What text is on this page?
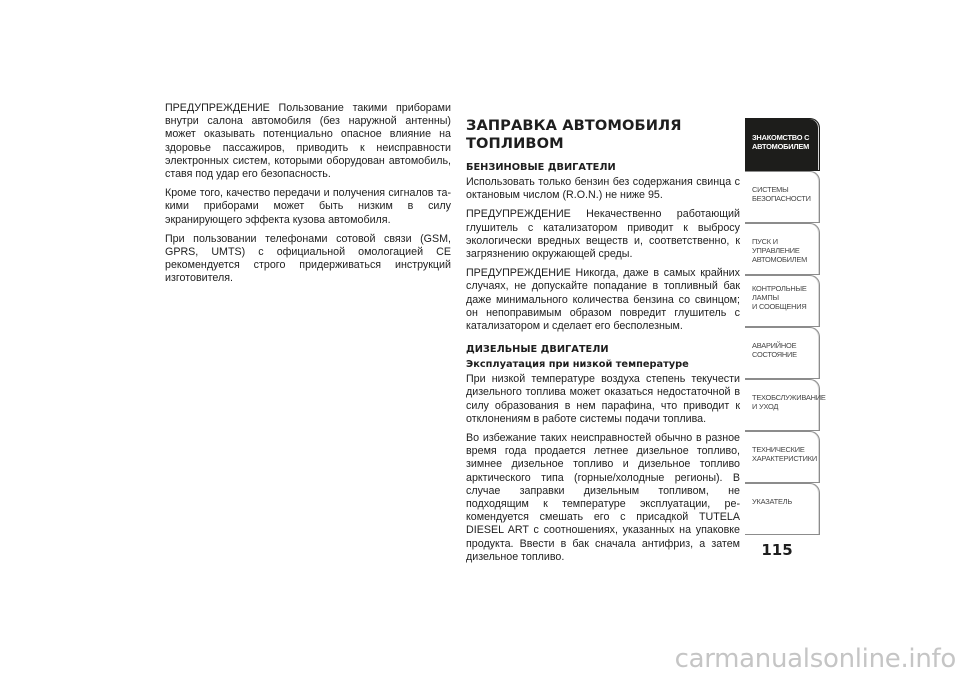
ПРЕДУПРЕЖДЕНИЕ Пользование такими приборами внутри салона автомобиля (без наружной антенны) может оказывать потенциально опасное влияние на здоровье пассажиров, приводить к неисправности электронных систем, которыми оборудован автомобиль, ставя под удар его безопасность.

Кроме того, качество передачи и получения сигналов такими приборами может быть низким в силу экранирующего эффекта кузова автомобиля.

При пользовании телефонами сотовой связи (GSM, GPRS, UMTS) с официальной омологацией CE рекомендуется строго придерживаться инструкций изготовителя.

ЗАПРАВКА АВТОМОБИЛЯ ТОПЛИВОМ
БЕНЗИНОВЫЕ ДВИГАТЕЛИ

Использовать только бензин без содержания свинца с октановым числом (R.O.N.) не ниже 95.

ПРЕДУПРЕЖДЕНИЕ Некачественно работающий глушитель с катализатором приводит к выбросу экологически вредных веществ и, соответственно, к загрязнению окружающей среды.

ПРЕДУПРЕЖДЕНИЕ Никогда, даже в самых крайних случаях, не допускайте попадание в топливный бак даже минимального количества бензина со свинцом; он непоправимым образом повредит глушитель с катализатором и сделает его бесполезным.

ДИЗЕЛЬНЫЕ ДВИГАТЕЛИ
Эксплуатация при низкой температуре

При низкой температуре воздуха степень текучести дизельного топлива может оказаться недостаточной в силу образования в нем парафина, что приводит к отклонениям в работе системы подачи топлива.

Во избежание таких неисправностей обычно в разное время года продается летнее дизельное топливо, зимнее дизельное топливо и дизельное топливо арктического типа (горные/холодные регионы). В случае заправки дизельным топливом, не подходящим к температуре эксплуатации, рекомендуется смешать его с присадкой TUTELA DIESEL ART с соотношениях, указанных на упаковке продукта. Ввести в бак сначала антифриз, а затем дизельное топливо.

ЗНАКОМСТВО С
АВТОМОБИЛЕМ
СИСТЕМЫ
БЕЗОПАСНОСТИ
ПУСК И УПРАВЛЕНИЕ
АВТОМОБИЛЕМ
КОНТРОЛЬНЫЕ
ЛАМПЫ
И СООБЩЕНИЯ
АВАРИЙНОЕ
СОСТОЯНИЕ
ТЕХОБСЛУЖИВАНИЕ
И УХОД
ТЕХНИЧЕСКИЕ
ХАРАКТЕРИСТИКИ
УКАЗАТЕЛЬ
115
carmanualsonline.info
